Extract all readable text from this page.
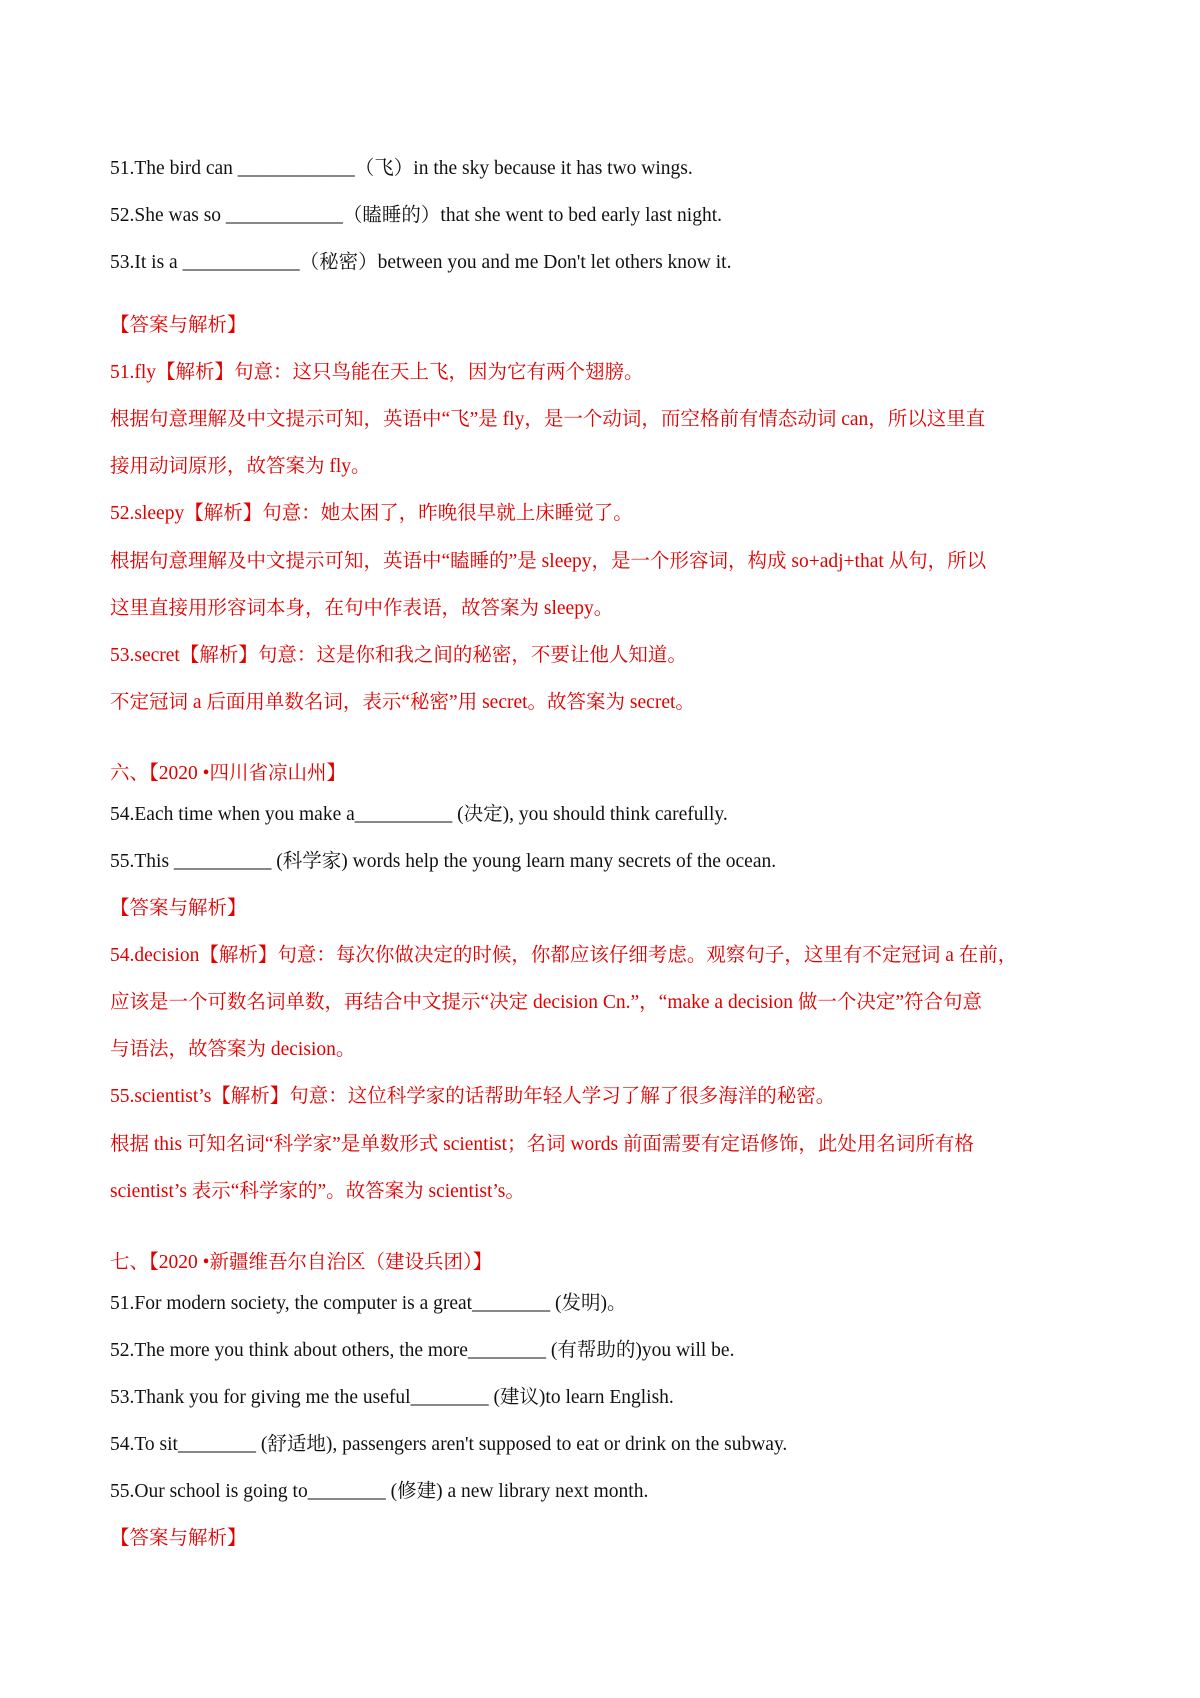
51.The bird can ____________（飞）in the sky because it has two wings.
52.She was so ____________（瞌睡的）that she went to bed early last night.
53.It is a ____________（秘密）between you and me Don't let others know it.
【答案与解析】
51.fly【解析】句意：这只鸟能在天上飞，因为它有两个翅膀。
根据句意理解及中文提示可知，英语中“飞”是 fly，是一个动词，而空格前有情态动词 can，所以这里直
接用动词原形，故答案为 fly。
52.sleepy【解析】句意：她太困了，昨晚很早就上床睡觉了。
根据句意理解及中文提示可知，英语中“瞌睡的”是 sleepy，是一个形容词，构成 so+adj+that 从句，所以
这里直接用形容词本身，在句中作表语，故答案为 sleepy。
53.secret【解析】句意：这是你和我之间的秘密，不要让他人知道。
不定冠词 a 后面用单数名词，表示“秘密”用 secret。故答案为 secret。
六、【2020 •四川省凉山州】
54.Each time when you make a__________ (决定), you should think carefully.
55.This __________ (科学家) words help the young learn many secrets of the ocean.
【答案与解析】
54.decision【解析】句意：每次你做决定的时候，你都应该仔细考虑。观察句子，这里有不定冠词 a 在前，
应该是一个可数名词单数，再结合中文提示“决定 decision Cn.”，“make a decision 做一个决定”符合句意
与语法，故答案为 decision。
55.scientist’s【解析】句意：这位科学家的话帮助年轻人学习了解了很多海洋的秘密。
根据 this 可知名词“科学家”是单数形式 scientist；名词 words 前面需要有定语修饰，此处用名词所有格
scientist’s 表示“科学家的”。故答案为 scientist’s。
七、【2020 •新疆维吾尔自治区（建设兵团）】
51.For modern society, the computer is a great________ (发明)。
52.The more you think about others, the more________ (有帮助的)you will be.
53.Thank you for giving me the useful________ (建议)to learn English.
54.To sit________ (舒适地), passengers aren't supposed to eat or drink on the subway.
55.Our school is going to________ (修建) a new library next month.
【答案与解析】
